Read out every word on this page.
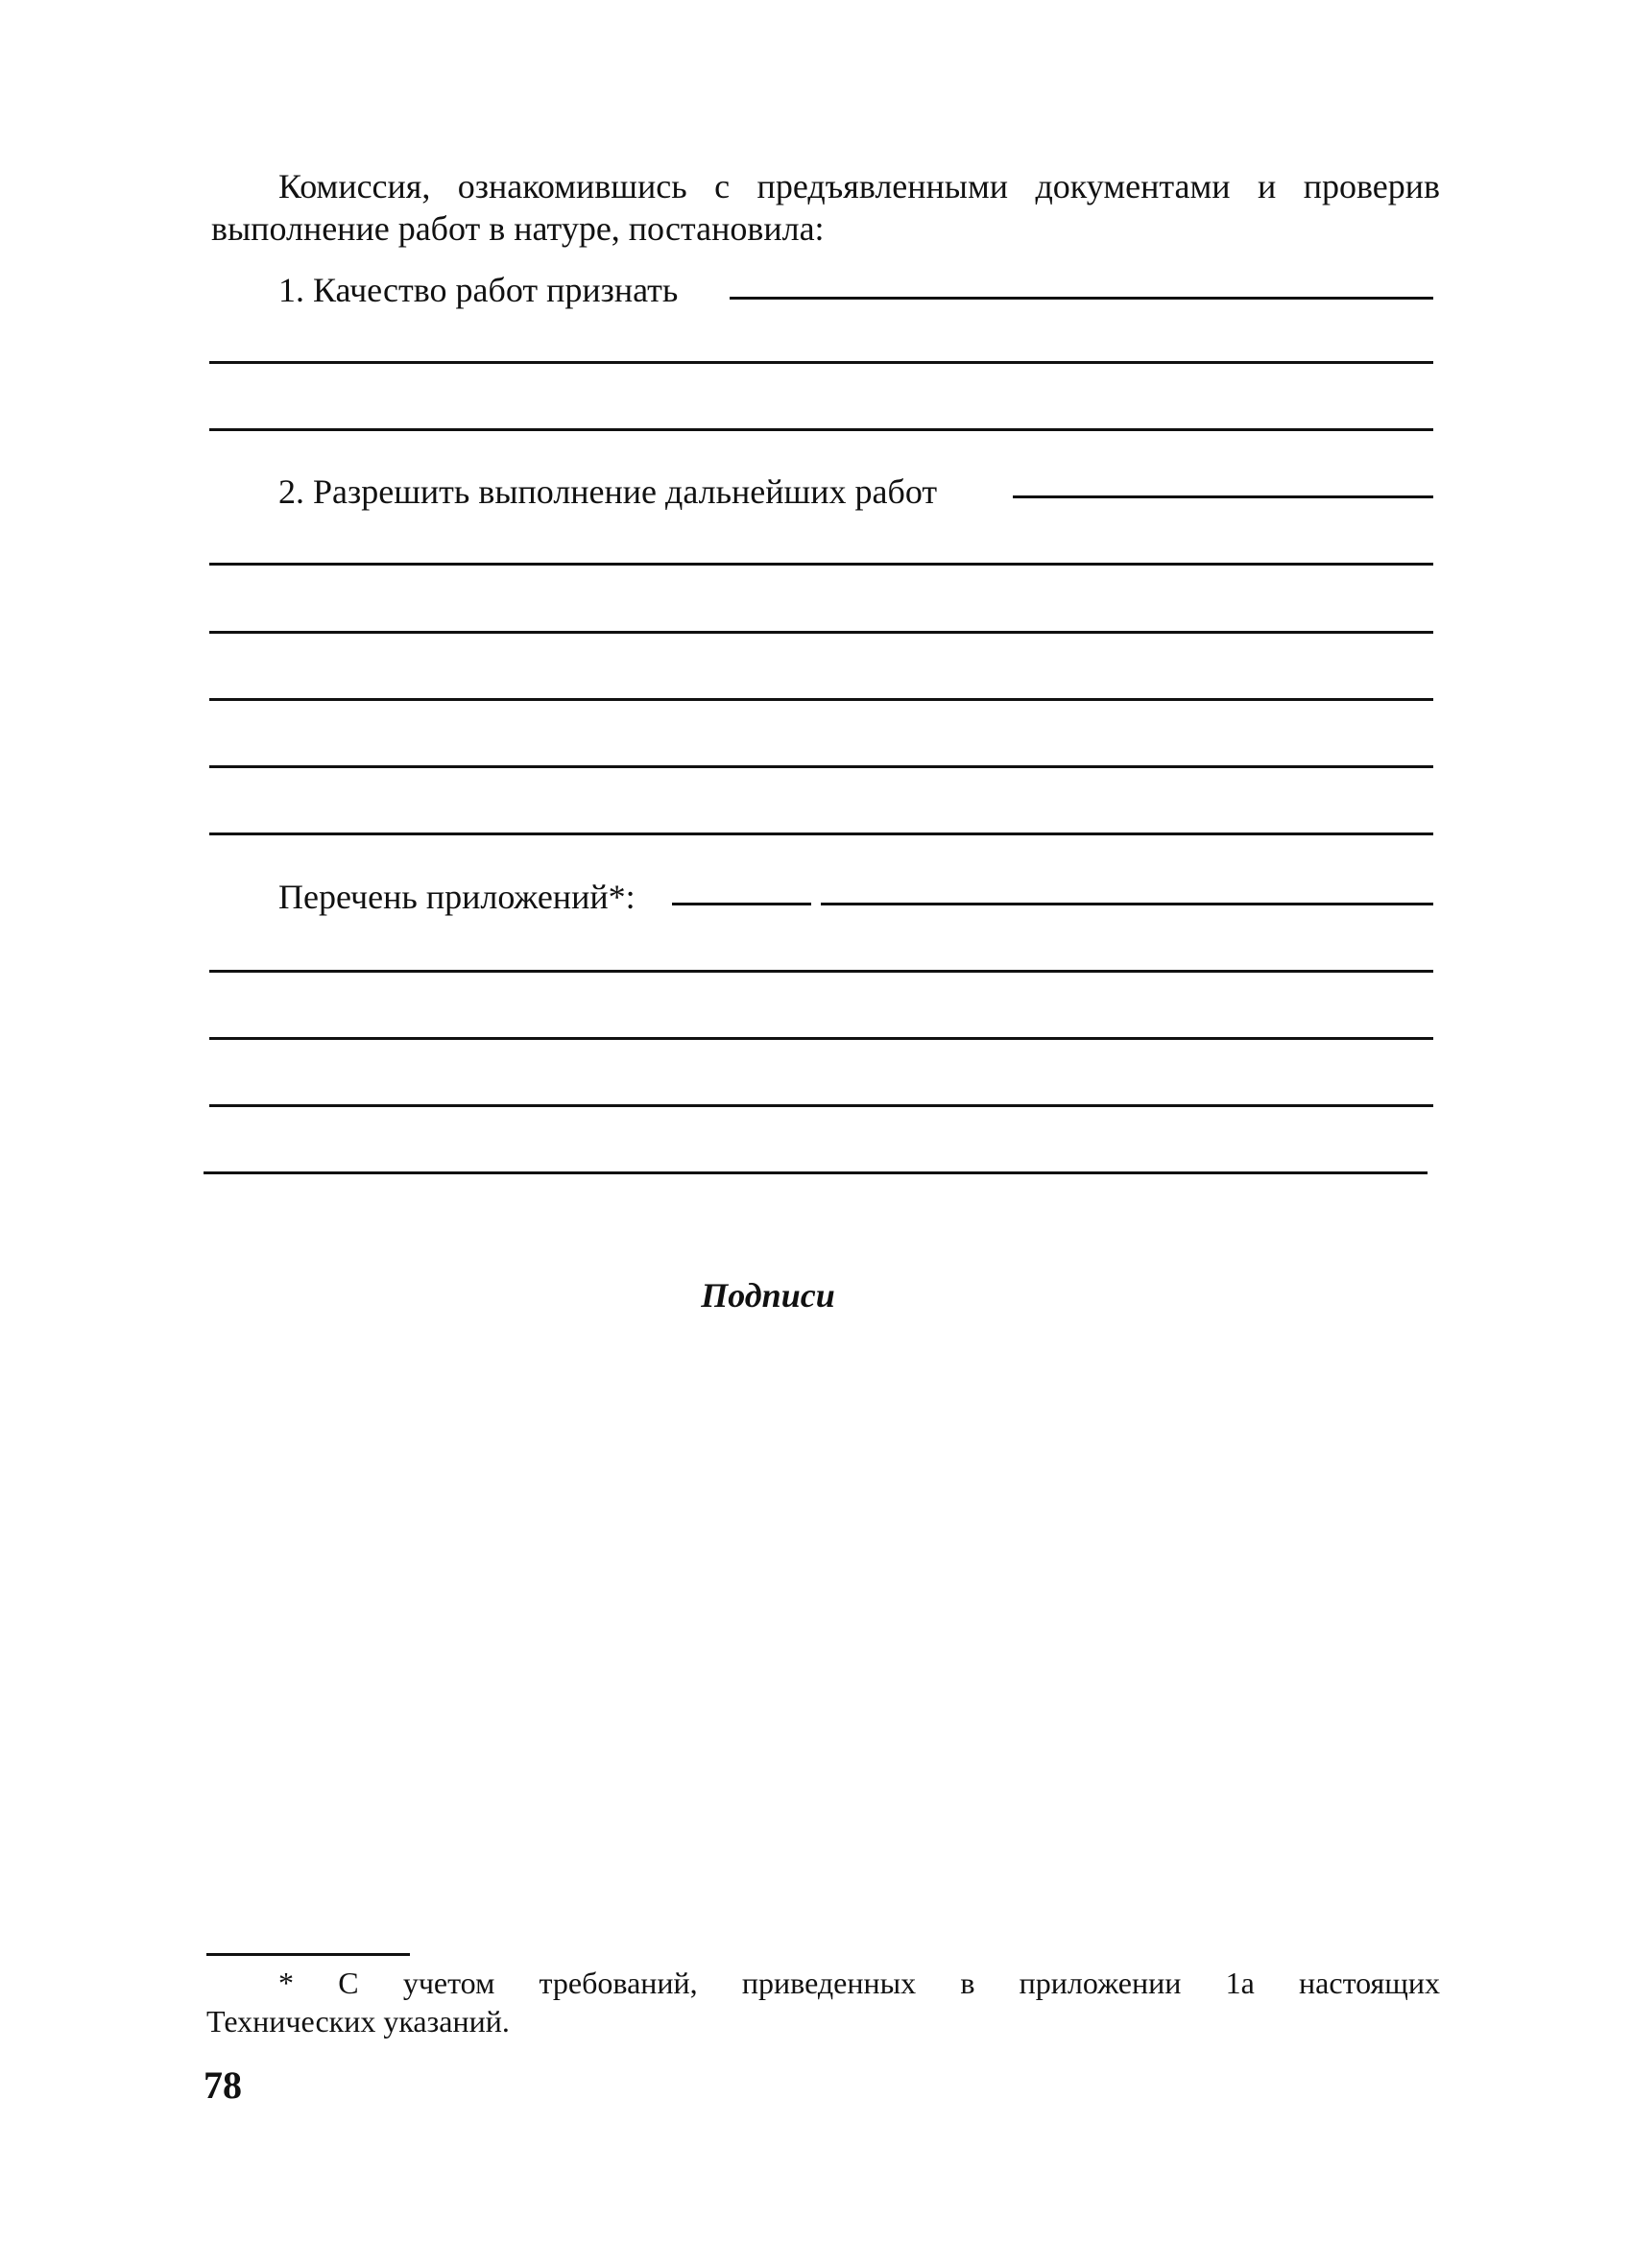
Комиссия, ознакомившись с предъявленными документами и проверив
выполнение работ в натуре, постановила:
1. Качество работ признать
2. Разрешить выполнение дальнейших работ
Перечень приложений*:
Подписи
* С учетом требований, приведенных в приложении 1а настоящих
Технических указаний.
78
